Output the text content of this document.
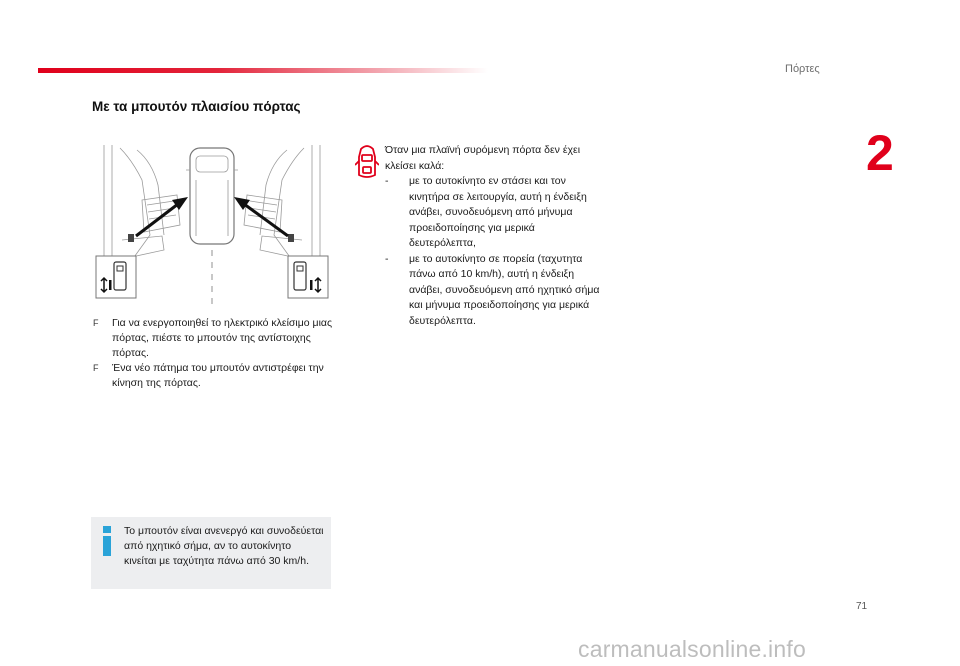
Πόρτες
2
Με τα μπουτόν πλαισίου πόρτας
F Για να ενεργοποιηθεί το ηλεκτρικό κλείσιμο μιας πόρτας, πιέστε το μπουτόν της αντίστοιχης πόρτας.
F Ένα νέο πάτημα του μπουτόν αντιστρέφει την κίνηση της πόρτας.
Το μπουτόν είναι ανενεργό και συνοδεύεται από ηχητικό σήμα, αν το αυτοκίνητο κινείται με ταχύτητα πάνω από 30 km/h.

Όταν μια πλαϊνή συρόμενη πόρτα δεν έχει κλείσει καλά:

- με το αυτοκίνητο εν στάσει και τον κινητήρα σε λειτουργία, αυτή η ένδειξη ανάβει, συνοδευόμενη από μήνυμα προειδοποίησης για μερικά δευτερόλεπτα,
- με το αυτοκίνητο σε πορεία (ταχυτητα πάνω από 10 km/h), αυτή η ένδειξη ανάβει, συνοδευόμενη από ηχητικό σήμα και μήνυμα προειδοποίησης για μερικά δευτερόλεπτα.
71
carmanualsonline.info
